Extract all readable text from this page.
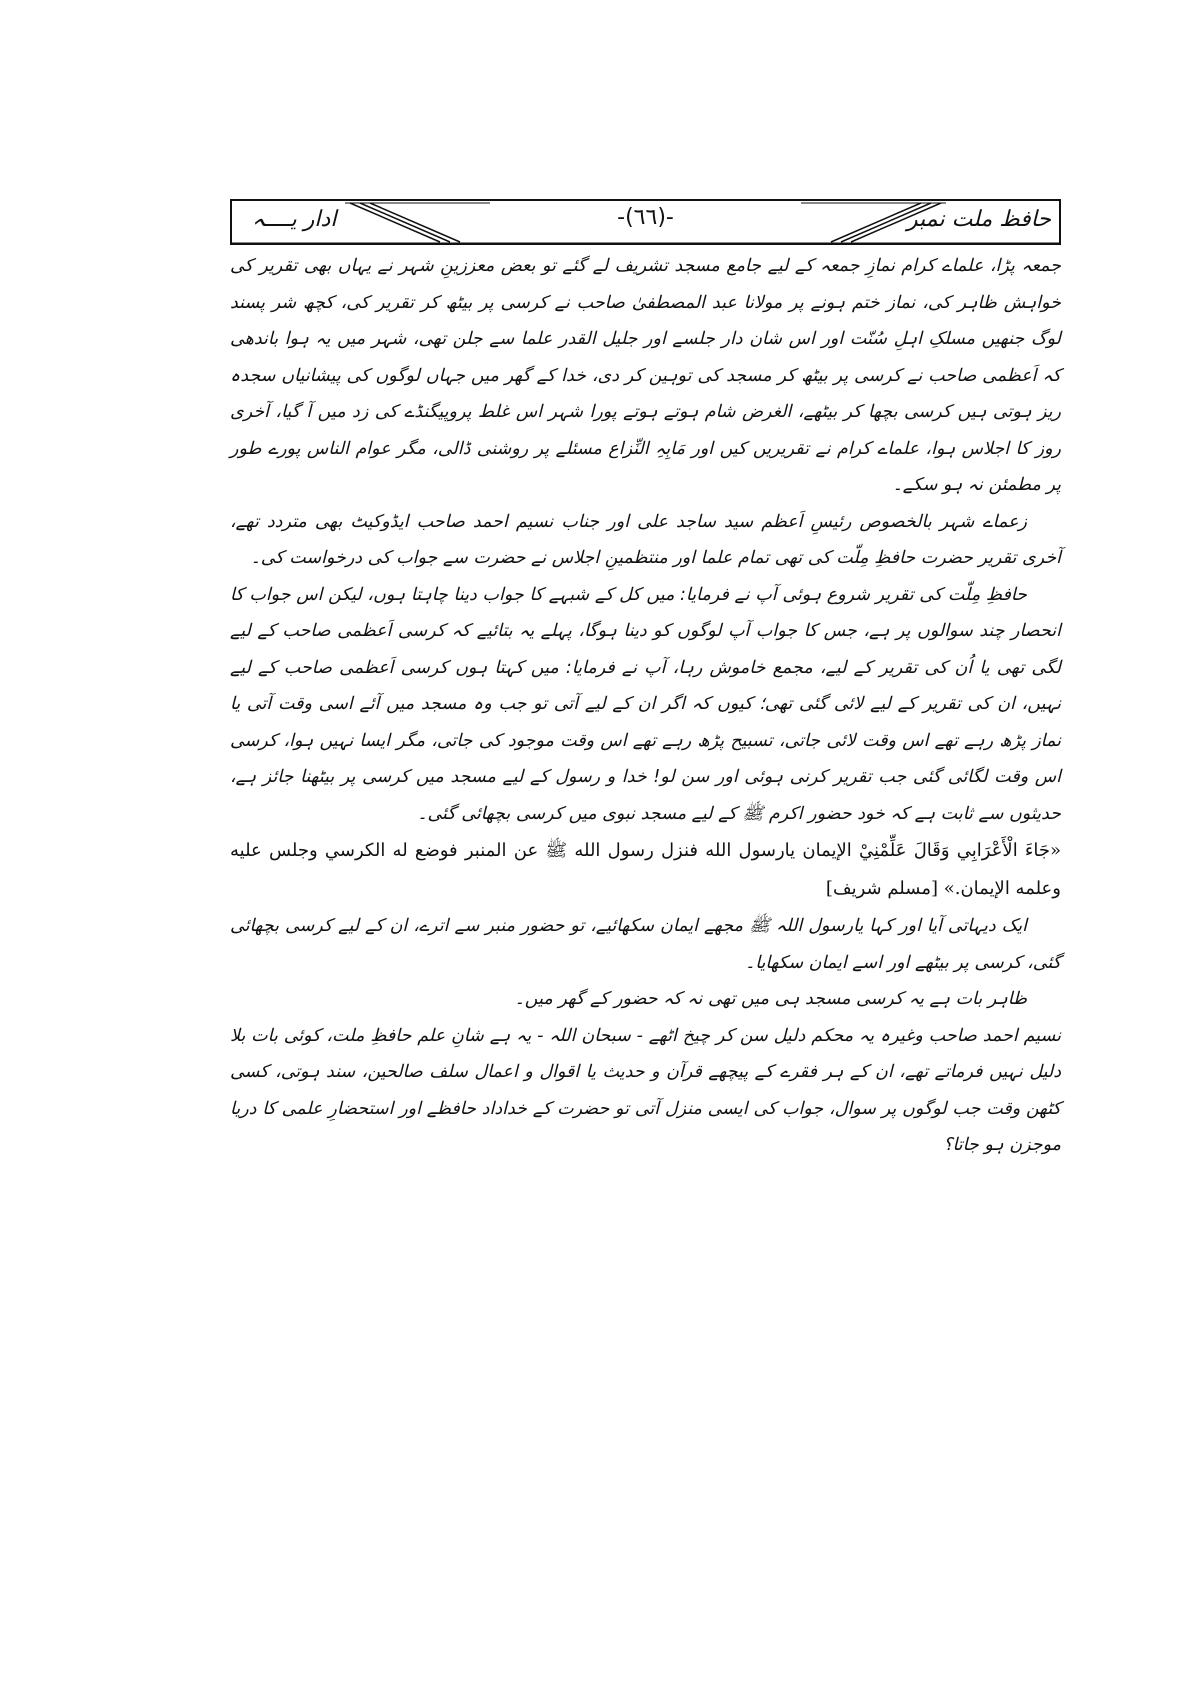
حافظ ملت نمبر
-(٦٦)-
ادار یــــہ

جمعہ پڑا، علماے کرام نمازِ جمعہ کے لیے جامع مسجد تشریف لے گئے تو بعض معززینِ شہر نے یہاں بھی تقریر کی خواہش ظاہر کی، نماز ختم ہونے پر مولانا عبد المصطفیٰ صاحب نے کرسی پر بیٹھ کر تقریر کی، کچھ شر پسند لوگ جنھیں مسلکِ اہلِ سُنّت اور اس شان دار جلسے اور جلیل القدر علما سے جلن تھی، شہر میں یہ ہوا باندھی کہ اَعظمی صاحب نے کرسی پر بیٹھ کر مسجد کی توہین کر دی، خدا کے گھر میں جہاں لوگوں کی پیشانیاں سجدہ ریز ہوتی ہیں کرسی بچھا کر بیٹھے، الغرض شام ہوتے ہوتے پورا شہر اس غلط پروپیگنڈے کی زد میں آ گیا، آخری روز کا اجلاس ہوا، علماے کرام نے تقریریں کیں اور مَابِہِ النِّزاع مسئلے پر روشنی ڈالی، مگر عوام الناس پورے طور پر مطمئن نہ ہو سکے۔

زعماے شہر بالخصوص رئیسِ اَعظم سید ساجد علی اور جناب نسیم احمد صاحب ایڈوکیٹ بھی متردد تھے، آخری تقریر حضرت حافظِ مِلّت کی تھی تمام علما اور منتظمینِ اجلاس نے حضرت سے جواب کی درخواست کی۔

حافظِ مِلّت کی تقریر شروع ہوئی آپ نے فرمایا: میں کل کے شبہے کا جواب دینا چاہتا ہوں، لیکن اس جواب کا انحصار چند سوالوں پر ہے، جس کا جواب آپ لوگوں کو دینا ہوگا، پہلے یہ بتائیے کہ کرسی اَعظمی صاحب کے لیے لگی تھی یا اُن کی تقریر کے لیے، مجمع خاموش رہا، آپ نے فرمایا: میں کہتا ہوں کرسی اَعظمی صاحب کے لیے نہیں، ان کی تقریر کے لیے لائی گئی تھی؛ کیوں کہ اگر ان کے لیے آتی تو جب وہ مسجد میں آئے اسی وقت آتی یا نماز پڑھ رہے تھے اس وقت لائی جاتی، تسبیح پڑھ رہے تھے اس وقت موجود کی جاتی، مگر ایسا نہیں ہوا، کرسی اس وقت لگائی گئی جب تقریر کرنی ہوئی اور سن لو! خدا و رسول کے لیے مسجد میں کرسی پر بیٹھنا جائز ہے، حدیثوں سے ثابت ہے کہ خود حضور اکرم ﷺ کے لیے مسجد نبوی میں کرسی بچھائی گئی۔

«جَاءَ الْأَعْرَابِي وَقَالَ عَلِّمْنِيْ الإيمان يارسول الله فنزل رسول الله ﷺ عن المنبر فوضع له الكرسي وجلس عليه وعلمه الإيمان.» [مسلم شريف]

ایک دیہاتی آیا اور کہا یارسول اللہ ﷺ مجھے ایمان سکھائیے، تو حضور منبر سے اترے، ان کے لیے کرسی بچھائی گئی، کرسی پر بیٹھے اور اسے ایمان سکھایا۔

ظاہر بات ہے یہ کرسی مسجد ہی میں تھی نہ کہ حضور کے گھر میں۔

نسیم احمد صاحب وغیرہ یہ محکم دلیل سن کر چیخ اٹھے - سبحان اللہ - یہ ہے شانِ علم حافظِ ملت، کوئی بات بلا دلیل نہیں فرماتے تھے، ان کے ہر فقرے کے پیچھے قرآن و حدیث یا اقوال و اعمال سلف صالحین، سند ہوتی، کسی کٹھن وقت جب لوگوں پر سوال، جواب کی ایسی منزل آتی تو حضرت کے خداداد حافظے اور استحضارِ علمی کا دریا موجزن ہو جاتا؟
